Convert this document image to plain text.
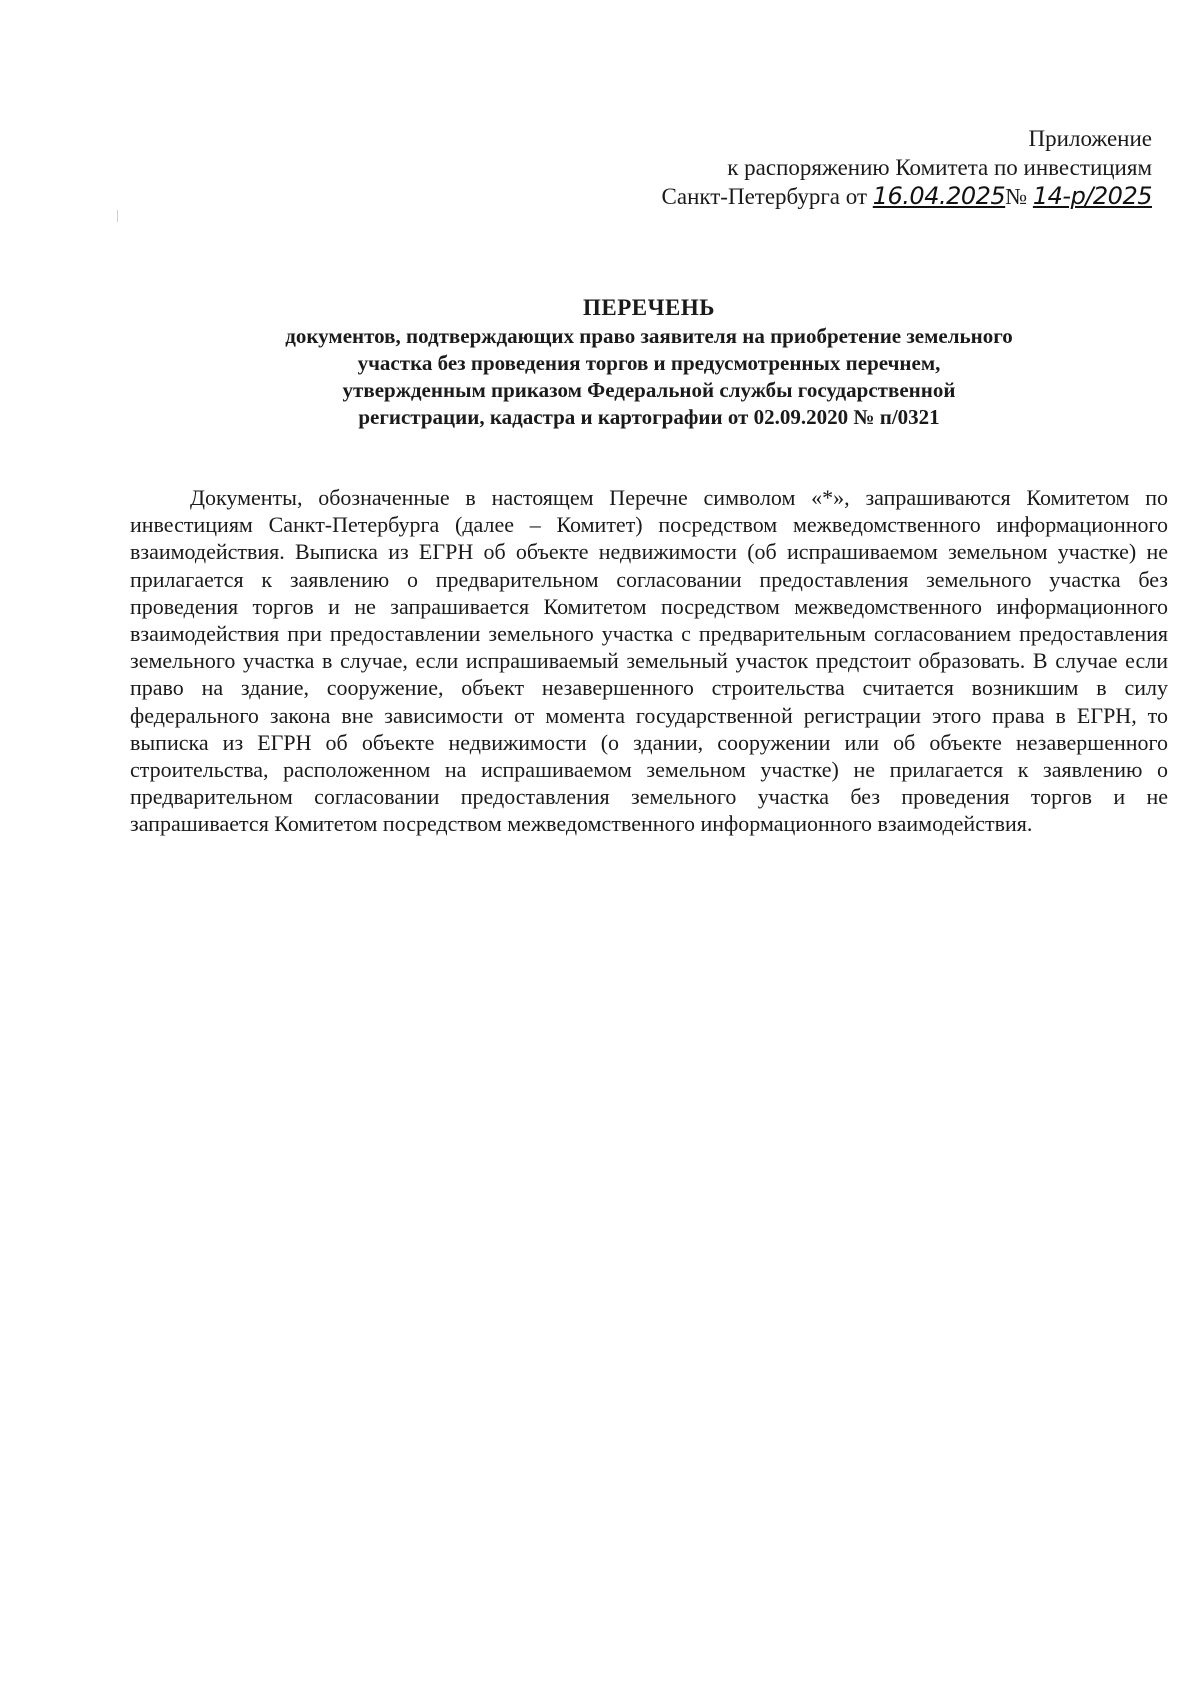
Приложение
к распоряжению Комитета по инвестициям
Санкт-Петербурга от 16.04.2025№ 14-р/2025
ПЕРЕЧЕНЬ
документов, подтверждающих право заявителя на приобретение земельного
участка без проведения торгов и предусмотренных перечнем,
утвержденным приказом Федеральной службы государственной
регистрации, кадастра и картографии от 02.09.2020 № п/0321

Документы, обозначенные в настоящем Перечне символом «*», запрашиваются Комитетом по инвестициям Санкт-Петербурга (далее – Комитет) посредством межведомственного информационного взаимодействия. Выписка из ЕГРН об объекте недвижимости (об испрашиваемом земельном участке) не прилагается к заявлению о предварительном согласовании предоставления земельного участка без проведения торгов и не запрашивается Комитетом посредством межведомственного информационного взаимодействия при предоставлении земельного участка с предварительным согласованием предоставления земельного участка в случае, если испрашиваемый земельный участок предстоит образовать. В случае если право на здание, сооружение, объект незавершенного строительства считается возникшим в силу федерального закона вне зависимости от момента государственной регистрации этого права в ЕГРН, то выписка из ЕГРН об объекте недвижимости (о здании, сооружении или об объекте незавершенного строительства, расположенном на испрашиваемом земельном участке) не прилагается к заявлению о предварительном согласовании предоставления земельного участка без проведения торгов и не запрашивается Комитетом посредством межведомственного информационного взаимодействия.
